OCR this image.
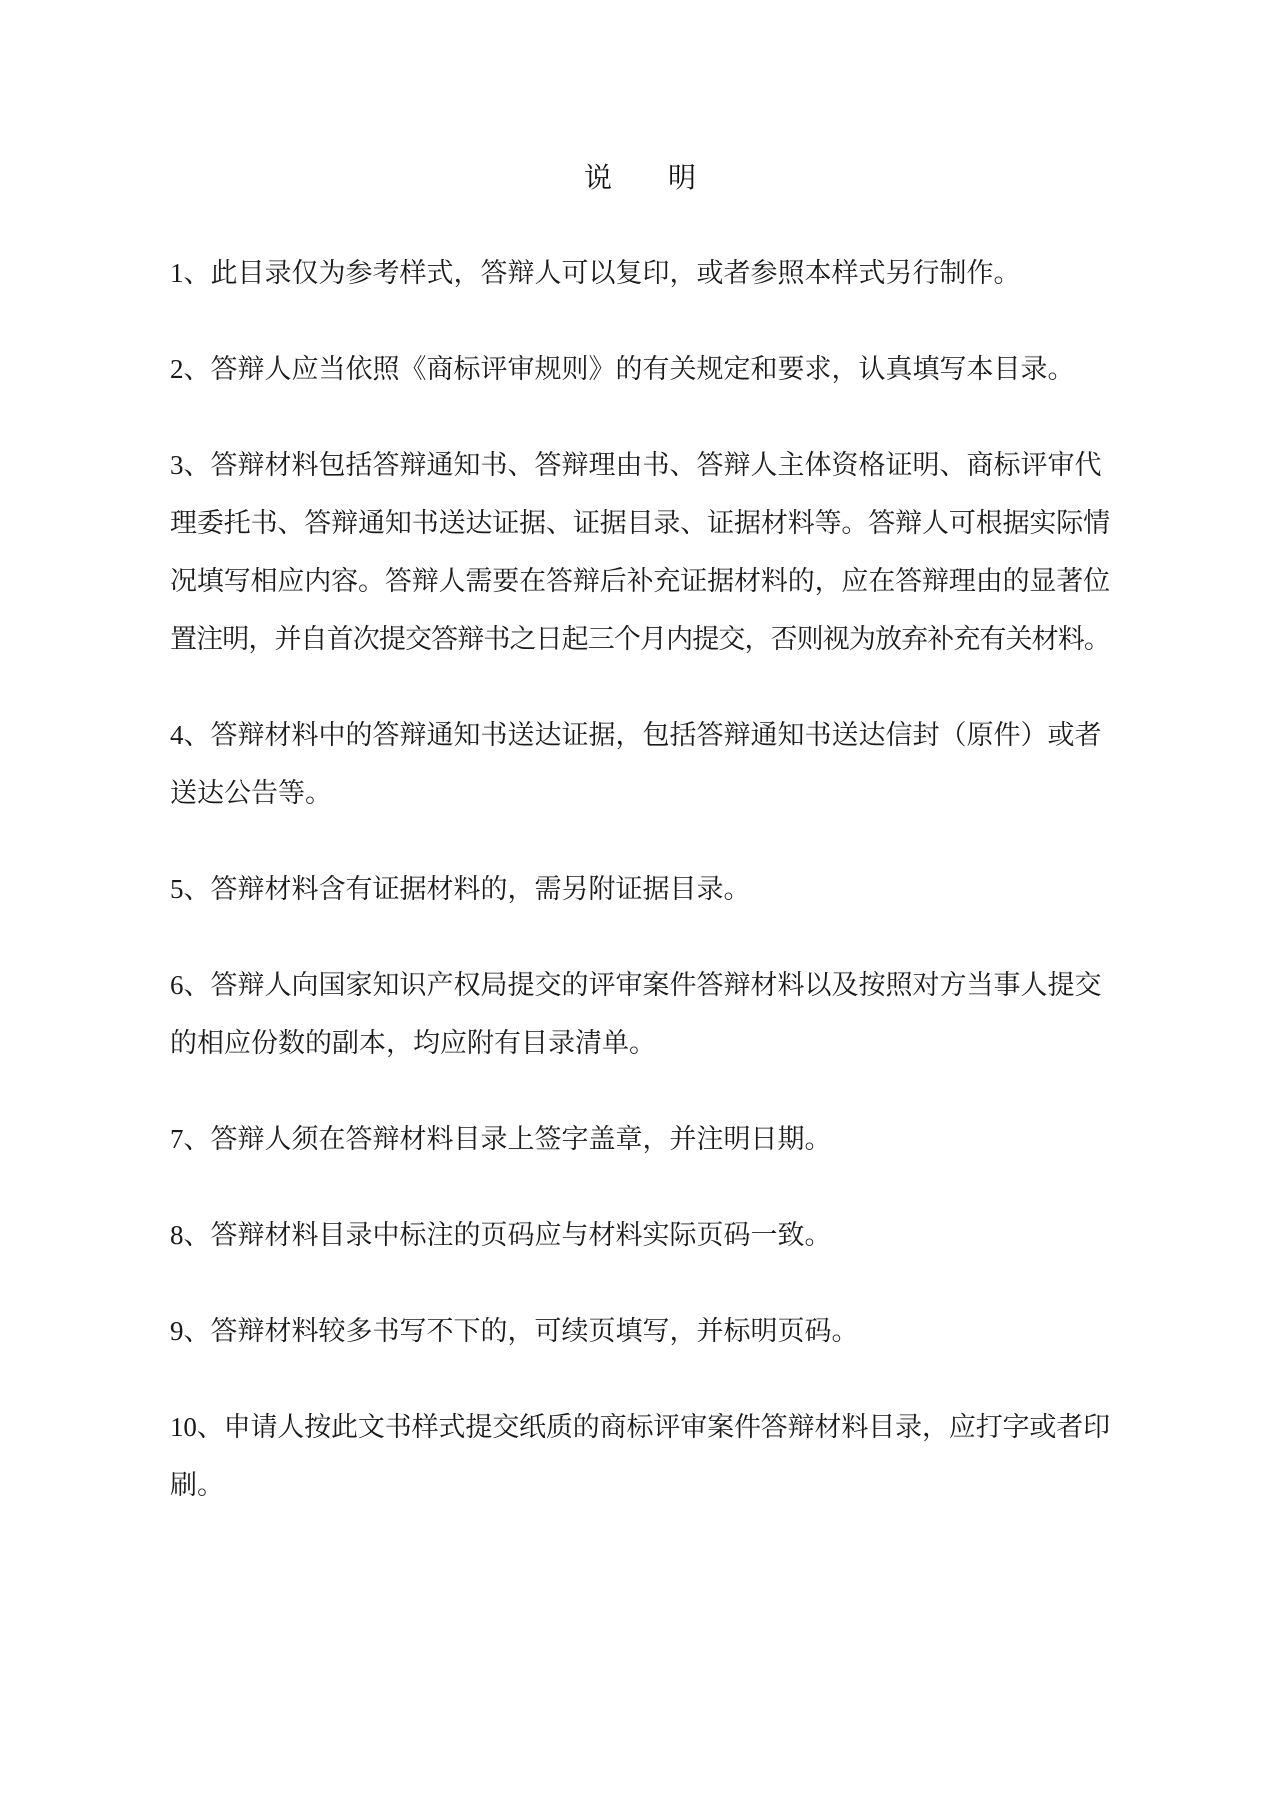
说　　明
1、此目录仅为参考样式，答辩人可以复印，或者参照本样式另行制作。
2、答辩人应当依照《商标评审规则》的有关规定和要求，认真填写本目录。
3、答辩材料包括答辩通知书、答辩理由书、答辩人主体资格证明、商标评审代
理委托书、答辩通知书送达证据、证据目录、证据材料等。答辩人可根据实际情
况填写相应内容。答辩人需要在答辩后补充证据材料的，应在答辩理由的显著位
置注明，并自首次提交答辩书之日起三个月内提交，否则视为放弃补充有关材料。
4、答辩材料中的答辩通知书送达证据，包括答辩通知书送达信封（原件）或者
送达公告等。
5、答辩材料含有证据材料的，需另附证据目录。
6、答辩人向国家知识产权局提交的评审案件答辩材料以及按照对方当事人提交
的相应份数的副本，均应附有目录清单。
7、答辩人须在答辩材料目录上签字盖章，并注明日期。
8、答辩材料目录中标注的页码应与材料实际页码一致。
9、答辩材料较多书写不下的，可续页填写，并标明页码。
10、申请人按此文书样式提交纸质的商标评审案件答辩材料目录，应打字或者印
刷。
